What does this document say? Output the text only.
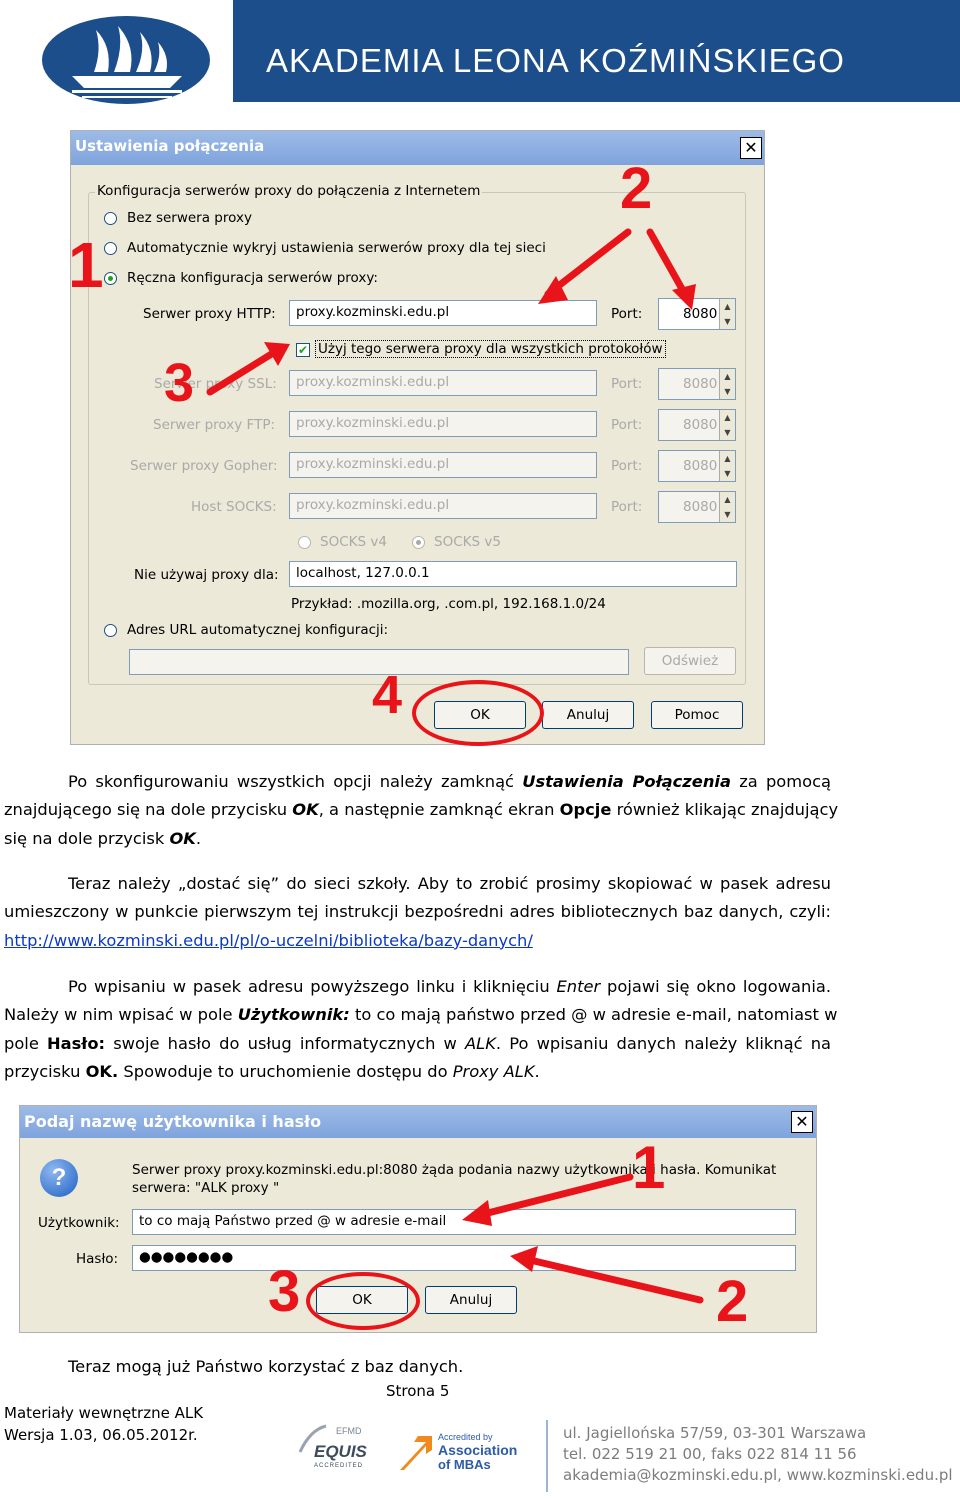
AKADEMIA LEONA KOŹMIŃSKIEGO
Ustawienia połączenia	✕
Konfiguracja serwerów proxy do połączenia z Internetem
Bez serwera proxy
Automatycznie wykryj ustawienia serwerów proxy dla tej sieci
Ręczna konfiguracja serwerów proxy:
Serwer proxy HTTP:	proxy.kozminski.edu.pl	Port:	8080 ▲
▼
✔ Użyj tego serwera proxy dla wszystkich protokołów
Serwer proxy SSL:	proxy.kozminski.edu.pl	Port:	8080 ▲
▼
Serwer proxy FTP:	proxy.kozminski.edu.pl	Port:	8080 ▲
▼
Serwer proxy Gopher:	proxy.kozminski.edu.pl	Port:	8080 ▲
▼
Host SOCKS:	proxy.kozminski.edu.pl	Port:	8080 ▲
▼
SOCKS v4	SOCKS v5
Nie używaj proxy dla:	localhost, 127.0.0.1
Przykład: .mozilla.org, .com.pl, 192.168.1.0/24
Adres URL automatycznej konfiguracji:
Odśwież
OK	Anuluj	Pomoc
1
2
3
4
Po skonfigurowaniu wszystkich opcji należy zamknąć Ustawienia Połączenia za pomocą
znajdującego się na dole przycisku OK, a następnie zamknąć ekran Opcje również klikając znajdujący
się na dole przycisk OK.
Teraz należy „dostać się” do sieci szkoły. Aby to zrobić prosimy skopiować w pasek adresu
umieszczony w punkcie pierwszym tej instrukcji bezpośredni adres bibliotecznych baz danych, czyli:
http://www.kozminski.edu.pl/pl/o-uczelni/biblioteka/bazy-danych/
Po wpisaniu w pasek adresu powyższego linku i kliknięciu Enter pojawi się okno logowania.
Należy w nim wpisać w pole Użytkownik: to co mają państwo przed @ w adresie e-mail, natomiast w
pole Hasło: swoje hasło do usług informatycznych w ALK. Po wpisaniu danych należy kliknąć na
przycisku OK. Spowoduje to uruchomienie dostępu do Proxy ALK.
Podaj nazwę użytkownika i hasło	✕
?	Serwer proxy proxy.kozminski.edu.pl:8080 żąda podania nazwy użytkownika i hasła. Komunikat
serwera: "ALK proxy "
Użytkownik:	to co mają Państwo przed @ w adresie e-mail
Hasło:	●●●●●●●●
OK	Anuluj
1
2
3
Teraz mogą już Państwo korzystać z baz danych.
Strona 5
Materiały wewnętrzne ALK
Wersja 1.03, 06.05.2012r.	EFMD
EQUIS
ACCREDITED
Accredited by
Association
of MBAs
ul. Jagiellońska 57/59, 03-301 Warszawa
tel. 022 519 21 00, faks 022 814 11 56
akademia@kozminski.edu.pl, www.kozminski.edu.pl
